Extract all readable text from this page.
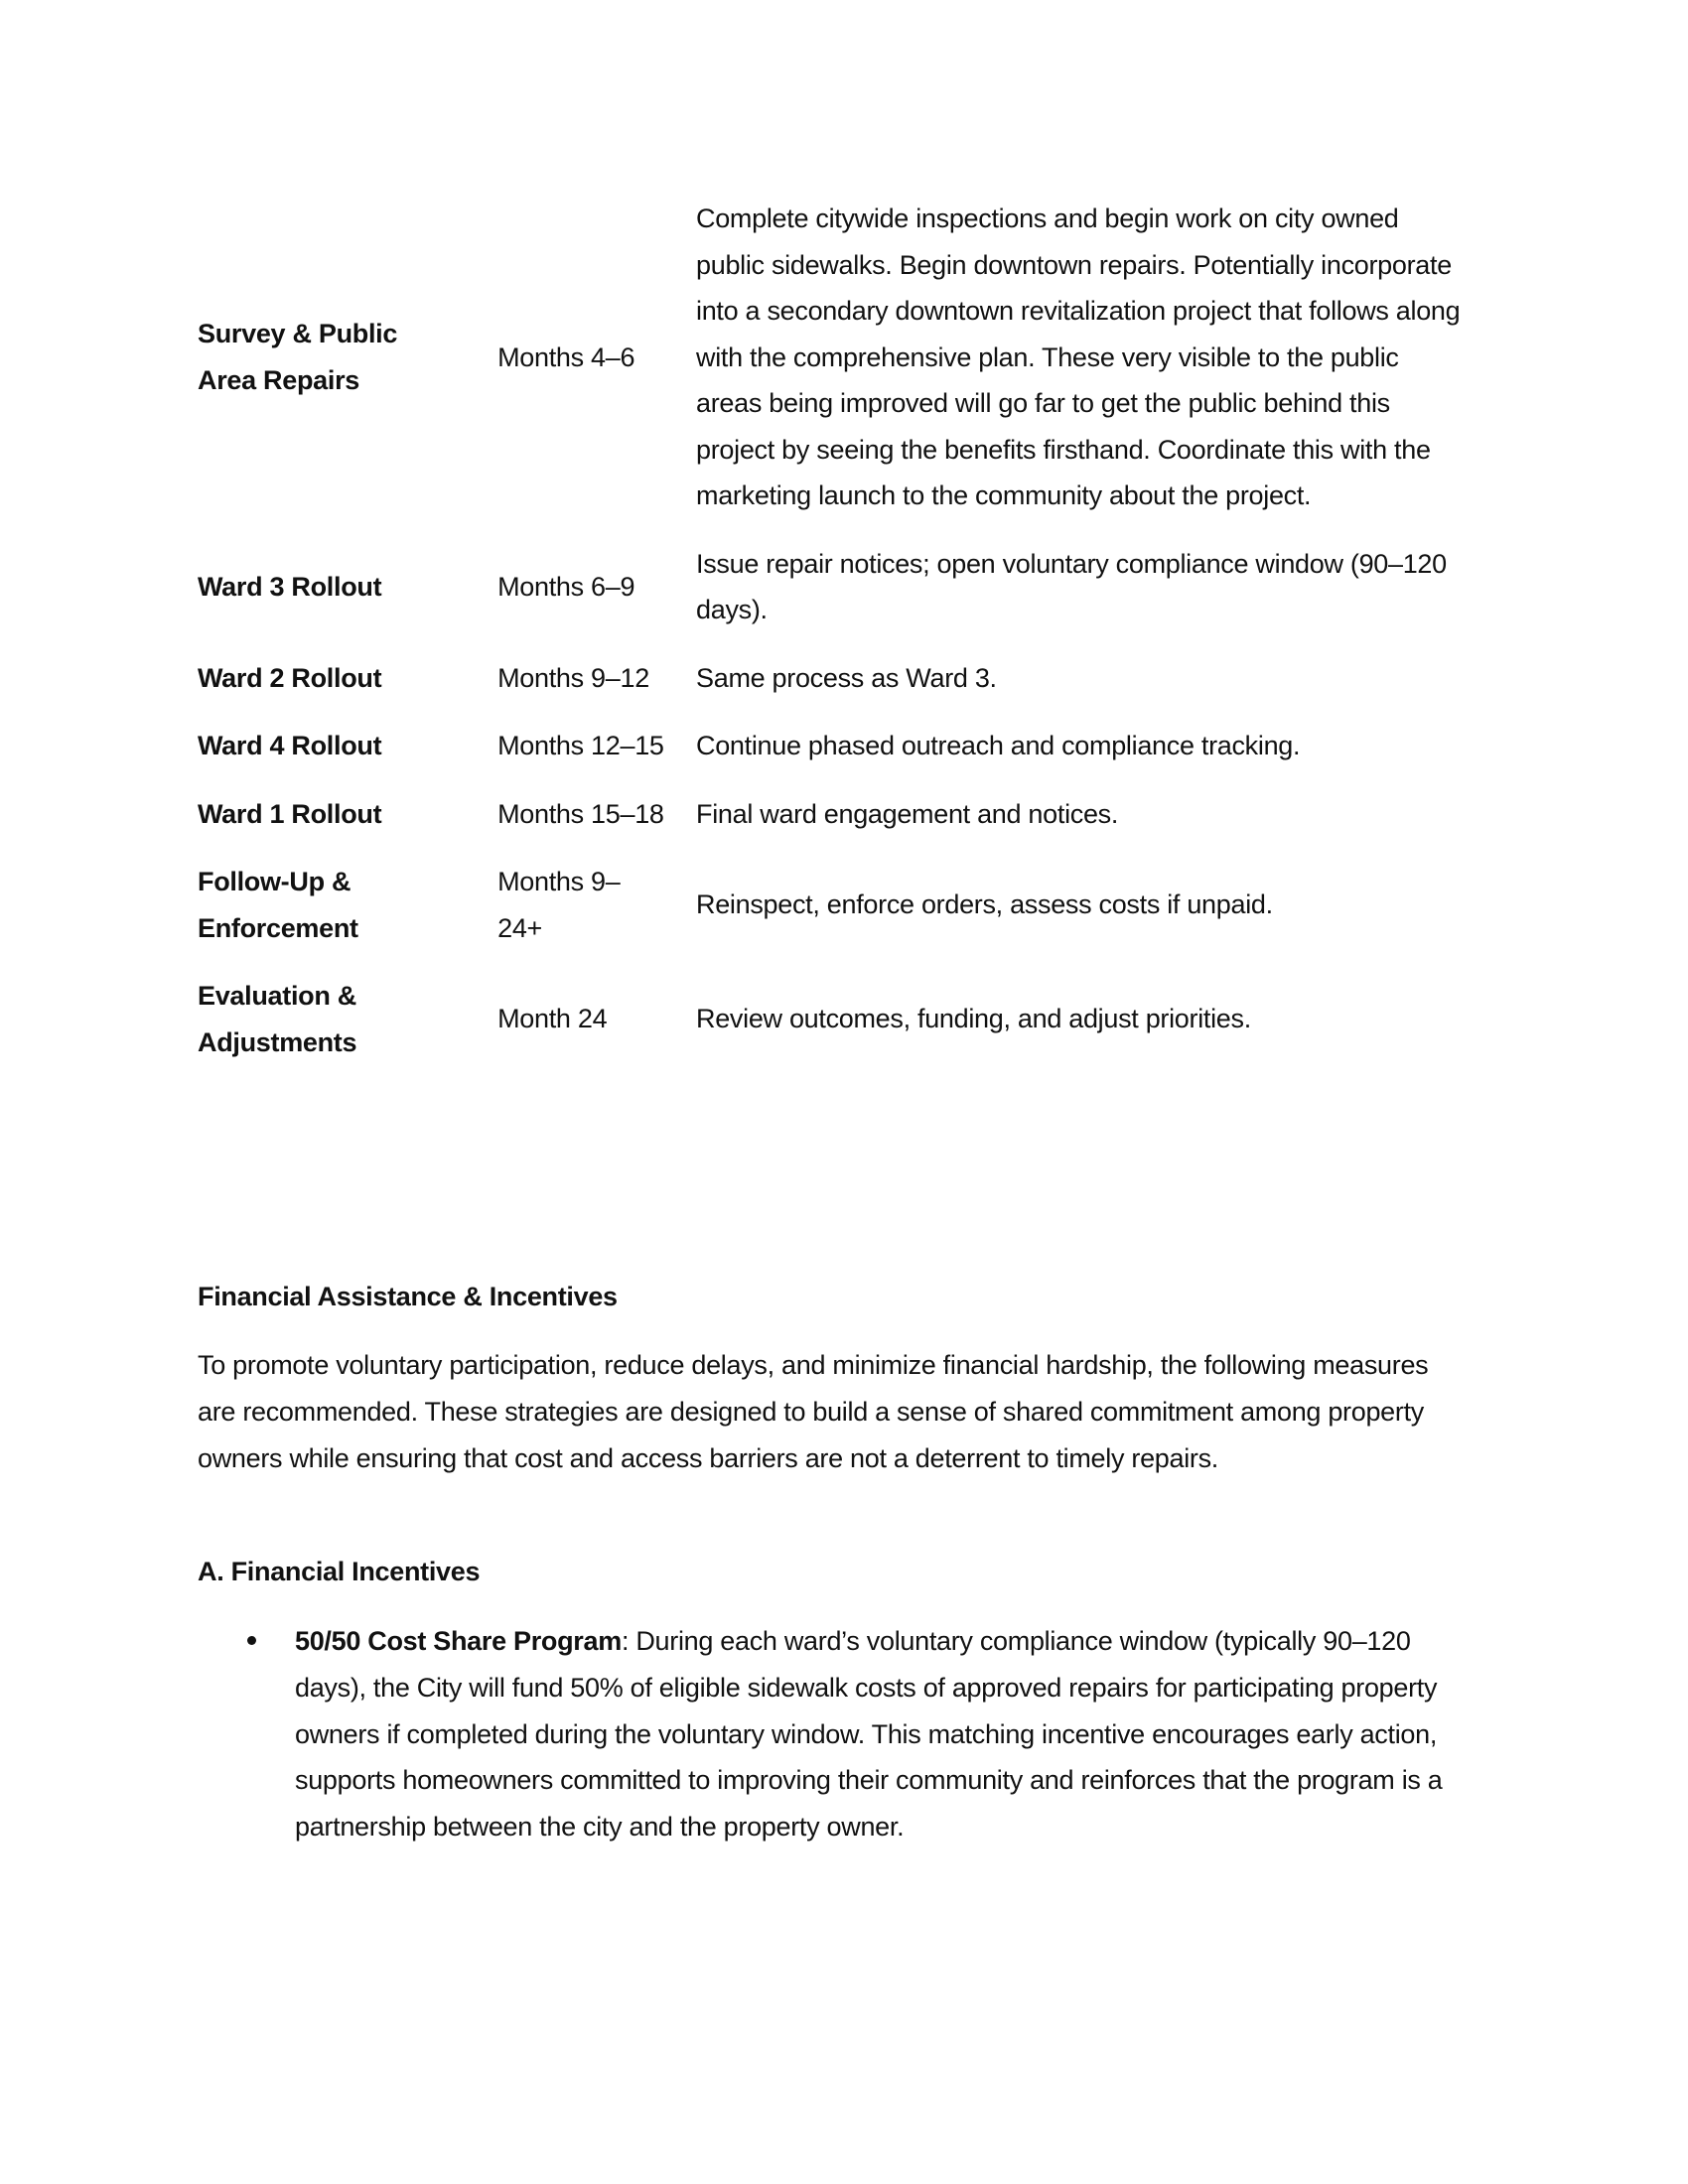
Survey & Public Area Repairs	Months 4–6	Complete citywide inspections and begin work on city owned public sidewalks. Begin downtown repairs. Potentially incorporate into a secondary downtown revitalization project that follows along with the comprehensive plan. These very visible to the public areas being improved will go far to get the public behind this project by seeing the benefits firsthand. Coordinate this with the marketing launch to the community about the project.
Ward 3 Rollout	Months 6–9	Issue repair notices; open voluntary compliance window (90–120 days).
Ward 2 Rollout	Months 9–12	Same process as Ward 3.
Ward 4 Rollout	Months 12–15	Continue phased outreach and compliance tracking.
Ward 1 Rollout	Months 15–18	Final ward engagement and notices.
Follow-Up & Enforcement	Months 9–24+	Reinspect, enforce orders, assess costs if unpaid.
Evaluation & Adjustments	Month 24	Review outcomes, funding, and adjust priorities.
Financial Assistance & Incentives

To promote voluntary participation, reduce delays, and minimize financial hardship, the following measures are recommended. These strategies are designed to build a sense of shared commitment among property owners while ensuring that cost and access barriers are not a deterrent to timely repairs.

A. Financial Incentives
50/50 Cost Share Program: During each ward’s voluntary compliance window (typically 90–120 days), the City will fund 50% of eligible sidewalk costs of approved repairs for participating property owners if completed during the voluntary window. This matching incentive encourages early action, supports homeowners committed to improving their community and reinforces that the program is a partnership between the city and the property owner.
